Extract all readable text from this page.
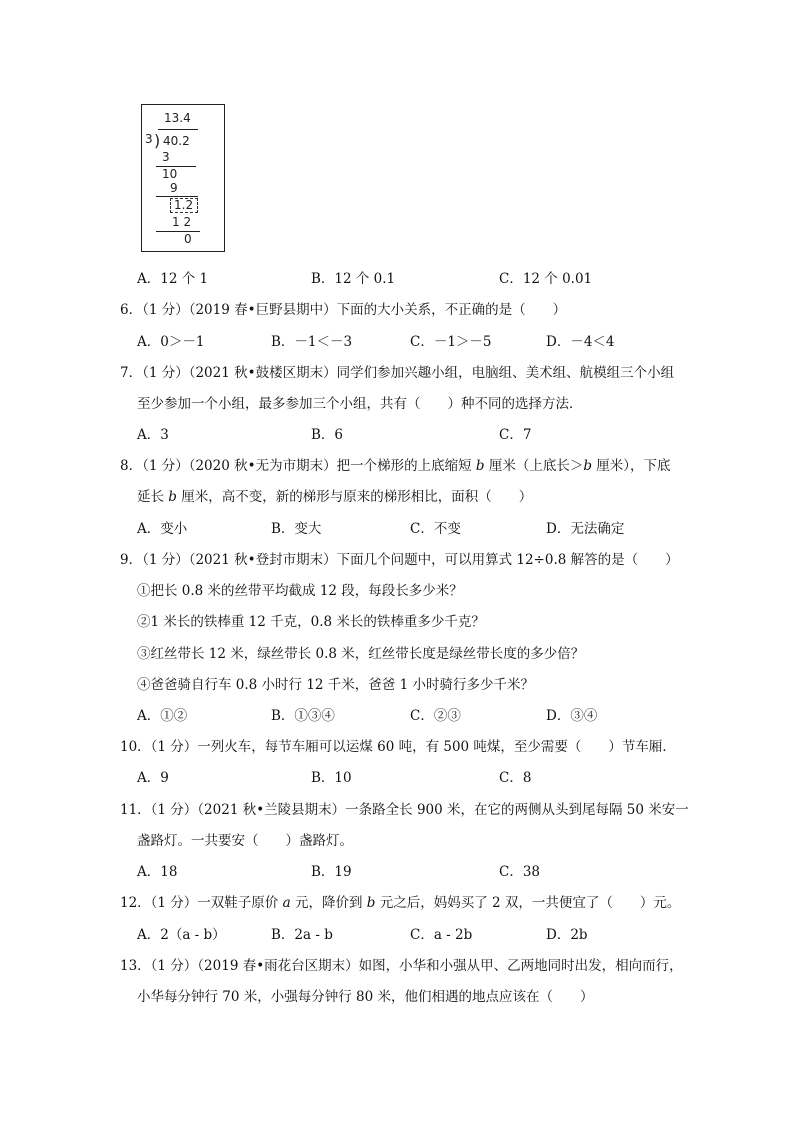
13.4
3 ) 40.2
3
10
9
1.2
1 2
0
A．12 个 1	B．12 个 0.1	C．12 个 0.01
6．（1 分）（2019 春•巨野县期中）下面的大小关系，不正确的是（　　）
A．0＞－1	B．－1＜－3	C．－1＞－5	D．－4＜4
7．（1 分）（2021 秋•鼓楼区期末）同学们参加兴趣小组，电脑组、美术组、航模组三个小组
至少参加一个小组，最多参加三个小组，共有（　　）种不同的选择方法．
A．3	B．6	C．7
8．（1 分）（2020 秋•无为市期末）把一个梯形的上底缩短 b 厘米（上底长＞b 厘米），下底
延长 b 厘米，高不变，新的梯形与原来的梯形相比，面积（　　）
A．变小	B．变大	C．不变	D．无法确定
9．（1 分）（2021 秋•登封市期末）下面几个问题中，可以用算式 12÷0.8 解答的是（　　）
①把长 0.8 米的丝带平均截成 12 段，每段长多少米？
②1 米长的铁棒重 12 千克，0.8 米长的铁棒重多少千克？
③红丝带长 12 米，绿丝带长 0.8 米，红丝带长度是绿丝带长度的多少倍？
④爸爸骑自行车 0.8 小时行 12 千米，爸爸 1 小时骑行多少千米？
A．①②	B．①③④	C．②③	D．③④
10．（1 分）一列火车，每节车厢可以运煤 60 吨，有 500 吨煤，至少需要（　　）节车厢．
A．9	B．10	C．8
11．（1 分）（2021 秋•兰陵县期末）一条路全长 900 米，在它的两侧从头到尾每隔 50 米安一
盏路灯。一共要安（　　）盏路灯。
A．18	B．19	C．38
12．（1 分）一双鞋子原价 a 元，降价到 b 元之后，妈妈买了 2 双，一共便宜了（　　）元。
A．2（a - b）	B．2a - b	C．a - 2b	D．2b
13．（1 分）（2019 春•雨花台区期末）如图，小华和小强从甲、乙两地同时出发，相向而行，
小华每分钟行 70 米，小强每分钟行 80 米，他们相遇的地点应该在（　　）
